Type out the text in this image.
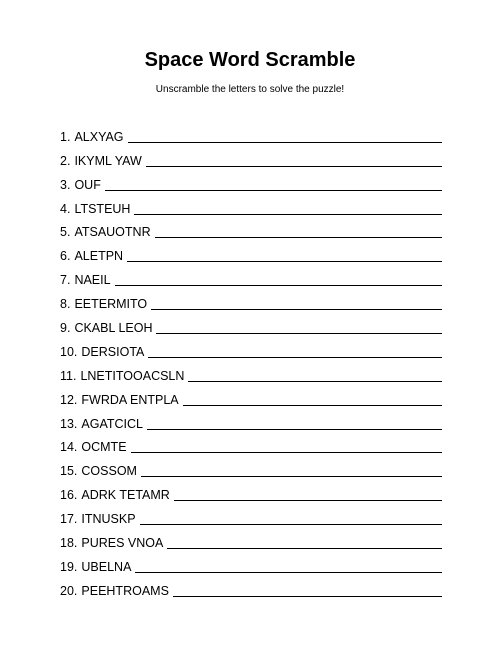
Space Word Scramble
Unscramble the letters to solve the puzzle!
1. ALXYAG
2. IKYML YAW
3. OUF
4. LTSTEUH
5. ATSAUOTNR
6. ALETPN
7. NAEIL
8. EETERMITO
9. CKABL LEOH
10. DERSIOTA
11. LNETITOOACSLN
12. FWRDA ENTPLA
13. AGATCICL
14. OCMTE
15. COSSOM
16. ADRK TETAMR
17. ITNUSKP
18. PURES VNOA
19. UBELNA
20. PEEHTROAMS
